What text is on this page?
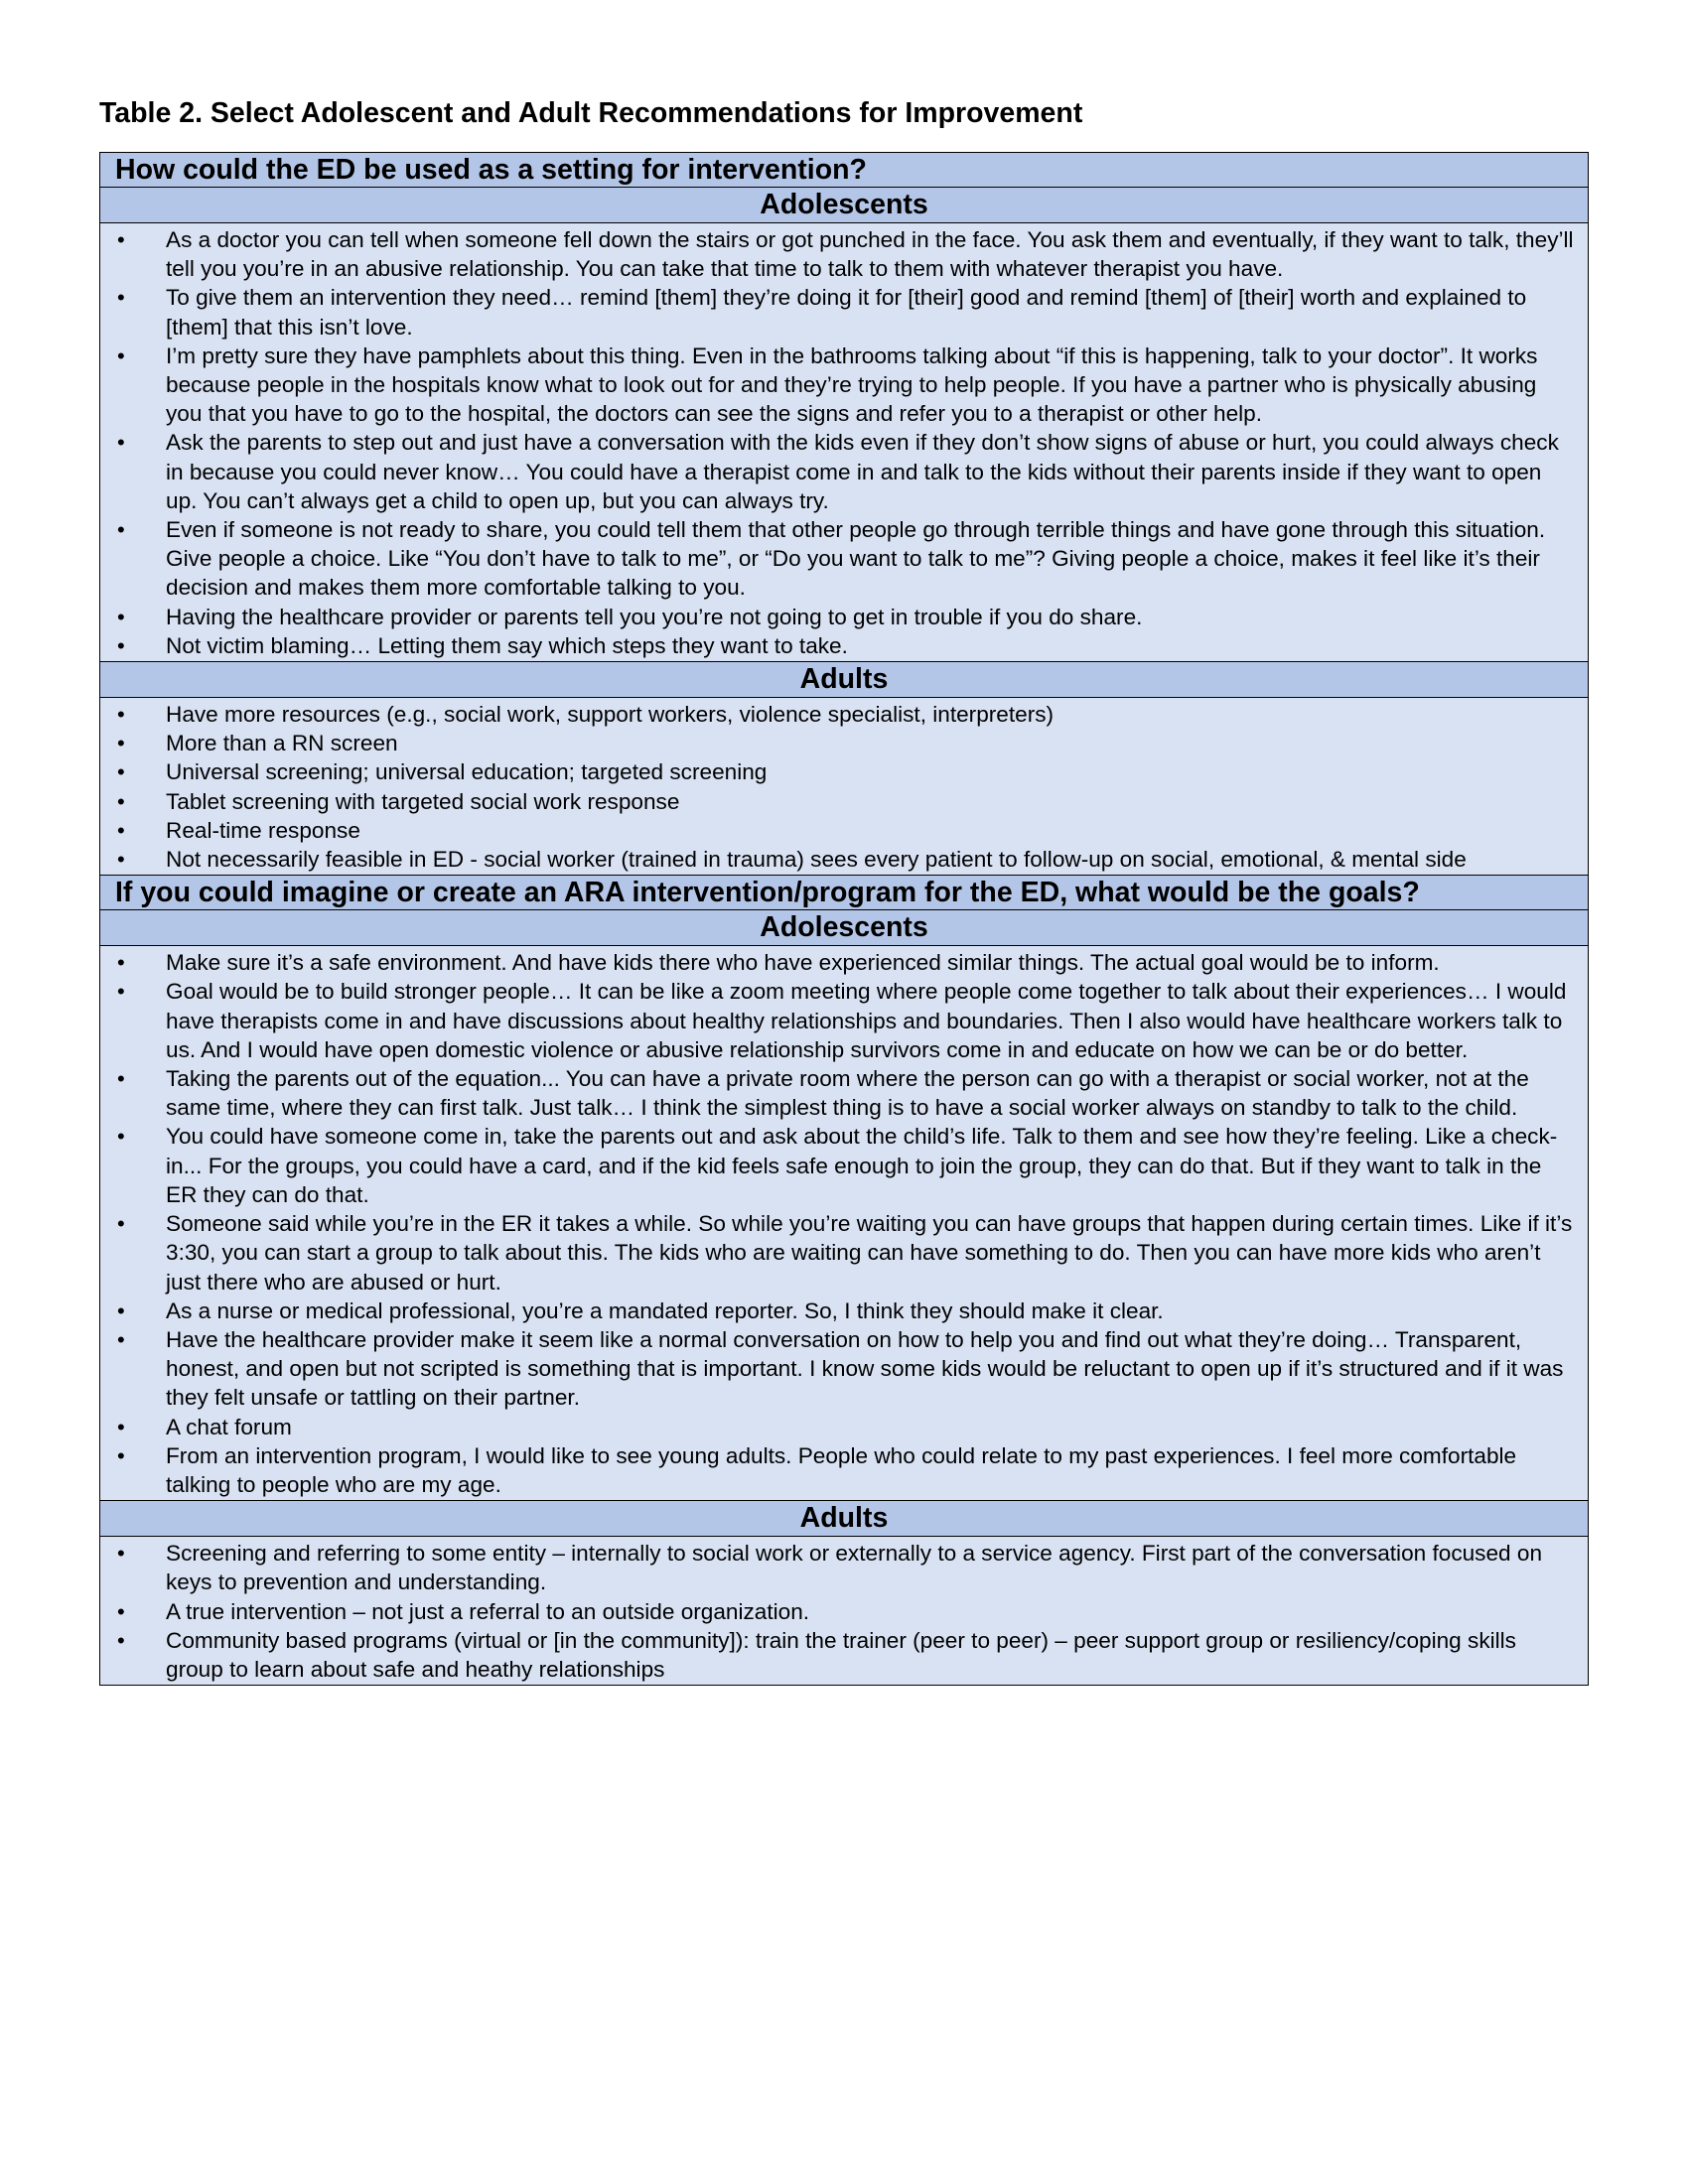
Table 2. Select Adolescent and Adult Recommendations for Improvement
How could the ED be used as a setting for intervention?
Adolescents
• As a doctor you can tell when someone fell down the stairs or got punched in the face. You ask them and eventually, if they want to talk, they’ll tell you you’re in an abusive relationship. You can take that time to talk to them with whatever therapist you have.
• To give them an intervention they need… remind [them] they’re doing it for [their] good and remind [them] of [their] worth and explained to [them] that this isn’t love.
• I’m pretty sure they have pamphlets about this thing. Even in the bathrooms talking about “if this is happening, talk to your doctor”. It works because people in the hospitals know what to look out for and they’re trying to help people. If you have a partner who is physically abusing you that you have to go to the hospital, the doctors can see the signs and refer you to a therapist or other help.
• Ask the parents to step out and just have a conversation with the kids even if they don’t show signs of abuse or hurt, you could always check in because you could never know… You could have a therapist come in and talk to the kids without their parents inside if they want to open up. You can’t always get a child to open up, but you can always try.
• Even if someone is not ready to share, you could tell them that other people go through terrible things and have gone through this situation. Give people a choice. Like “You don’t have to talk to me”, or “Do you want to talk to me”? Giving people a choice, makes it feel like it’s their decision and makes them more comfortable talking to you.
• Having the healthcare provider or parents tell you you’re not going to get in trouble if you do share.
• Not victim blaming… Letting them say which steps they want to take.
Adults
• Have more resources (e.g., social work, support workers, violence specialist, interpreters)
• More than a RN screen
• Universal screening; universal education; targeted screening
• Tablet screening with targeted social work response
• Real-time response
• Not necessarily feasible in ED - social worker (trained in trauma) sees every patient to follow-up on social, emotional, & mental side
If you could imagine or create an ARA intervention/program for the ED, what would be the goals?
Adolescents
• Make sure it’s a safe environment. And have kids there who have experienced similar things. The actual goal would be to inform.
• Goal would be to build stronger people… It can be like a zoom meeting where people come together to talk about their experiences… I would have therapists come in and have discussions about healthy relationships and boundaries. Then I also would have healthcare workers talk to us. And I would have open domestic violence or abusive relationship survivors come in and educate on how we can be or do better.
• Taking the parents out of the equation... You can have a private room where the person can go with a therapist or social worker, not at the same time, where they can first talk. Just talk… I think the simplest thing is to have a social worker always on standby to talk to the child.
• You could have someone come in, take the parents out and ask about the child’s life. Talk to them and see how they’re feeling. Like a check-in... For the groups, you could have a card, and if the kid feels safe enough to join the group, they can do that. But if they want to talk in the ER they can do that.
• Someone said while you’re in the ER it takes a while. So while you’re waiting you can have groups that happen during certain times. Like if it’s 3:30, you can start a group to talk about this. The kids who are waiting can have something to do. Then you can have more kids who aren’t just there who are abused or hurt.
• As a nurse or medical professional, you’re a mandated reporter. So, I think they should make it clear.
• Have the healthcare provider make it seem like a normal conversation on how to help you and find out what they’re doing… Transparent, honest, and open but not scripted is something that is important. I know some kids would be reluctant to open up if it’s structured and if it was they felt unsafe or tattling on their partner.
• A chat forum
• From an intervention program, I would like to see young adults. People who could relate to my past experiences. I feel more comfortable talking to people who are my age.
Adults
• Screening and referring to some entity – internally to social work or externally to a service agency. First part of the conversation focused on keys to prevention and understanding.
• A true intervention – not just a referral to an outside organization.
• Community based programs (virtual or [in the community]): train the trainer (peer to peer) – peer support group or resiliency/coping skills group to learn about safe and heathy relationships
